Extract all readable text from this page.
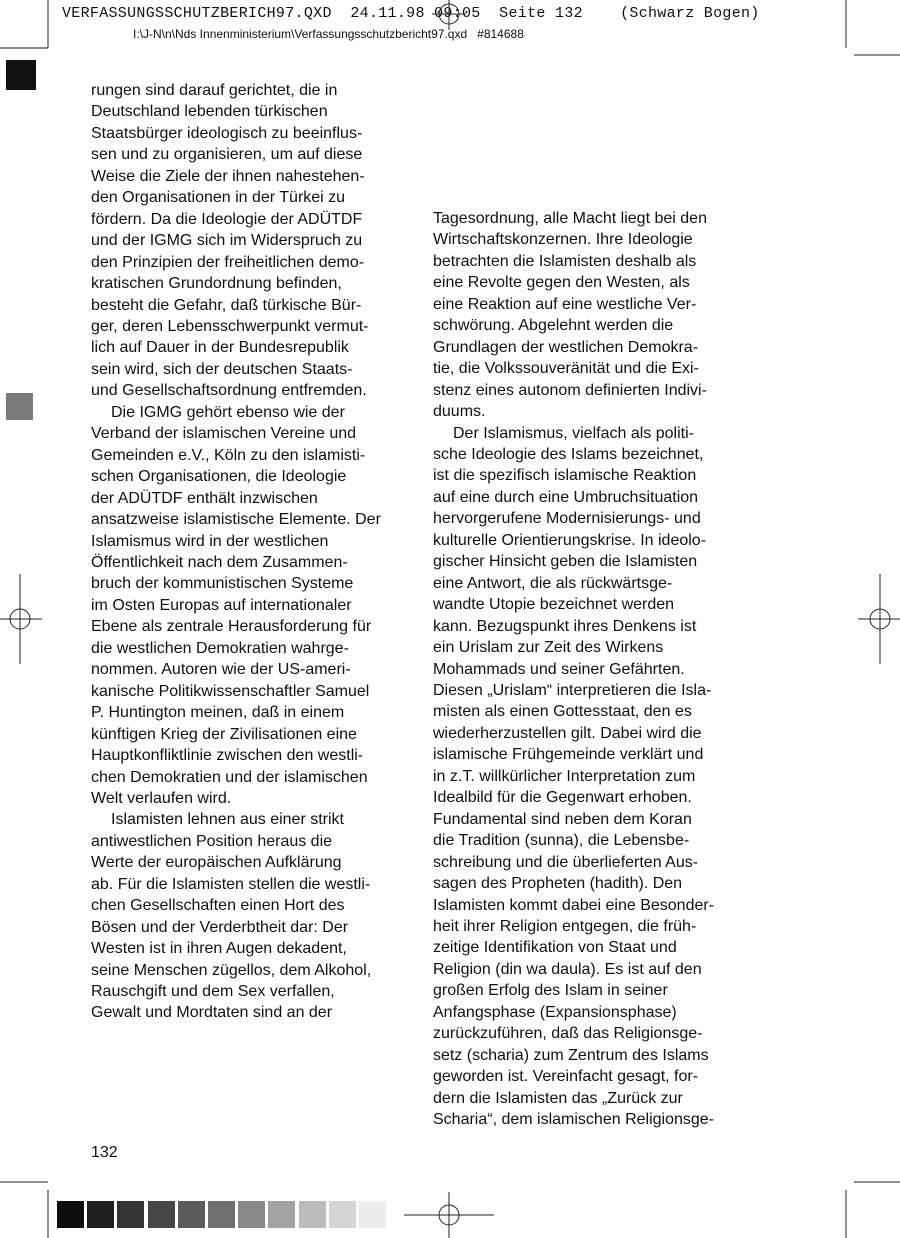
VERFASSUNGSSCHUTZBERICH97.QXD  24.11.98 09:05  Seite 132    (Schwarz Bogen)
I:\J-N\n\Nds Innenministerium\Verfassungsschutzbericht97.qxd   #814688
rungen sind darauf gerichtet, die in
Deutschland lebenden türkischen
Staatsbürger ideologisch zu beeinflus-
sen und zu organisieren, um auf diese
Weise die Ziele der ihnen nahestehen-
den Organisationen in der Türkei zu
fördern. Da die Ideologie der ADÜTDF
und der IGMG sich im Widerspruch zu
den Prinzipien der freiheitlichen demo-
kratischen Grundordnung befinden,
besteht die Gefahr, daß türkische Bür-
ger, deren Lebensschwerpunkt vermut-
lich auf Dauer in der Bundesrepublik
sein wird, sich der deutschen Staats-
und Gesellschaftsordnung entfremden.
Die IGMG gehört ebenso wie der
Verband der islamischen Vereine und
Gemeinden e.V., Köln zu den islamisti-
schen Organisationen, die Ideologie
der ADÜTDF enthält inzwischen
ansatzweise islamistische Elemente. Der
Islamismus wird in der westlichen
Öffentlichkeit nach dem Zusammen-
bruch der kommunistischen Systeme
im Osten Europas auf internationaler
Ebene als zentrale Herausforderung für
die westlichen Demokratien wahrge-
nommen. Autoren wie der US-ameri-
kanische Politikwissenschaftler Samuel
P. Huntington meinen, daß in einem
künftigen Krieg der Zivilisationen eine
Hauptkonfliktlinie zwischen den westli-
chen Demokratien und der islamischen
Welt verlaufen wird.
Islamisten lehnen aus einer strikt
antiwestlichen Position heraus die
Werte der europäischen Aufklärung
ab. Für die Islamisten stellen die westli-
chen Gesellschaften einen Hort des
Bösen und der Verderbtheit dar: Der
Westen ist in ihren Augen dekadent,
seine Menschen zügellos, dem Alkohol,
Rauschgift und dem Sex verfallen,
Gewalt und Mordtaten sind an der
Tagesordnung, alle Macht liegt bei den
Wirtschaftskonzernen. Ihre Ideologie
betrachten die Islamisten deshalb als
eine Revolte gegen den Westen, als
eine Reaktion auf eine westliche Ver-
schwörung. Abgelehnt werden die
Grundlagen der westlichen Demokra-
tie, die Volkssouveränität und die Exi-
stenz eines autonom definierten Indivi-
duums.
Der Islamismus, vielfach als politi-
sche Ideologie des Islams bezeichnet,
ist die spezifisch islamische Reaktion
auf eine durch eine Umbruchsituation
hervorgerufene Modernisierungs- und
kulturelle Orientierungskrise. In ideolo-
gischer Hinsicht geben die Islamisten
eine Antwort, die als rückwärtsge-
wandte Utopie bezeichnet werden
kann. Bezugspunkt ihres Denkens ist
ein Urislam zur Zeit des Wirkens
Mohammads und seiner Gefährten.
Diesen „Urislam“ interpretieren die Isla-
misten als einen Gottesstaat, den es
wiederherzustellen gilt. Dabei wird die
islamische Frühgemeinde verklärt und
in z.T. willkürlicher Interpretation zum
Idealbild für die Gegenwart erhoben.
Fundamental sind neben dem Koran
die Tradition (sunna), die Lebensbe-
schreibung und die überlieferten Aus-
sagen des Propheten (hadith). Den
Islamisten kommt dabei eine Besonder-
heit ihrer Religion entgegen, die früh-
zeitige Identifikation von Staat und
Religion (din wa daula). Es ist auf den
großen Erfolg des Islam in seiner
Anfangsphase (Expansionsphase)
zurückzuführen, daß das Religionsge-
setz (scharia) zum Zentrum des Islams
geworden ist. Vereinfacht gesagt, for-
dern die Islamisten das „Zurück zur
Scharia“, dem islamischen Religionsge-
132
